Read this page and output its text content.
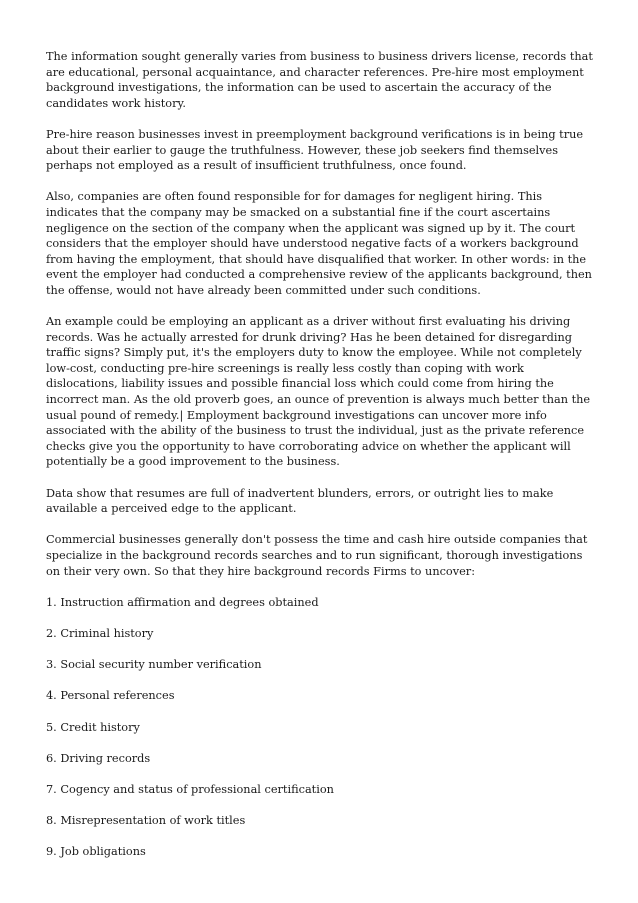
The information sought generally varies from business to business drivers license, records that are educational, personal acquaintance, and character references. Pre-hire most employment background investigations, the information can be used to ascertain the accuracy of the candidates work history.

Pre-hire reason businesses invest in preemployment background verifications is in being true about their earlier to gauge the truthfulness. However, these job seekers find themselves perhaps not employed as a result of insufficient truthfulness, once found.

Also, companies are often found responsible for for damages for negligent hiring. This indicates that the company may be smacked on a substantial fine if the court ascertains negligence on the section of the company when the applicant was signed up by it. The court considers that the employer should have understood negative facts of a workers background from having the employment, that should have disqualified that worker. In other words: in the event the employer had conducted a comprehensive review of the applicants background, then the offense, would not have already been committed under such conditions.

An example could be employing an applicant as a driver without first evaluating his driving records. Was he actually arrested for drunk driving? Has he been detained for disregarding traffic signs? Simply put, it's the employers duty to know the employee. While not completely low-cost, conducting pre-hire screenings is really less costly than coping with work dislocations, liability issues and possible financial loss which could come from hiring the incorrect man. As the old proverb goes, an ounce of prevention is always much better than the usual pound of remedy.| Employment background investigations can uncover more info associated with the ability of the business to trust the individual, just as the private reference checks give you the opportunity to have corroborating advice on whether the applicant will potentially be a good improvement to the business.

Data show that resumes are full of inadvertent blunders, errors, or outright lies to make available a perceived edge to the applicant.

Commercial businesses generally don't possess the time and cash hire outside companies that specialize in the background records searches and to run significant, thorough investigations on their very own. So that they hire background records Firms to uncover:

1. Instruction affirmation and degrees obtained
2. Criminal history
3. Social security number verification
4. Personal references
5. Credit history
6. Driving records
7. Cogency and status of professional certification
8. Misrepresentation of work titles
9. Job obligations
